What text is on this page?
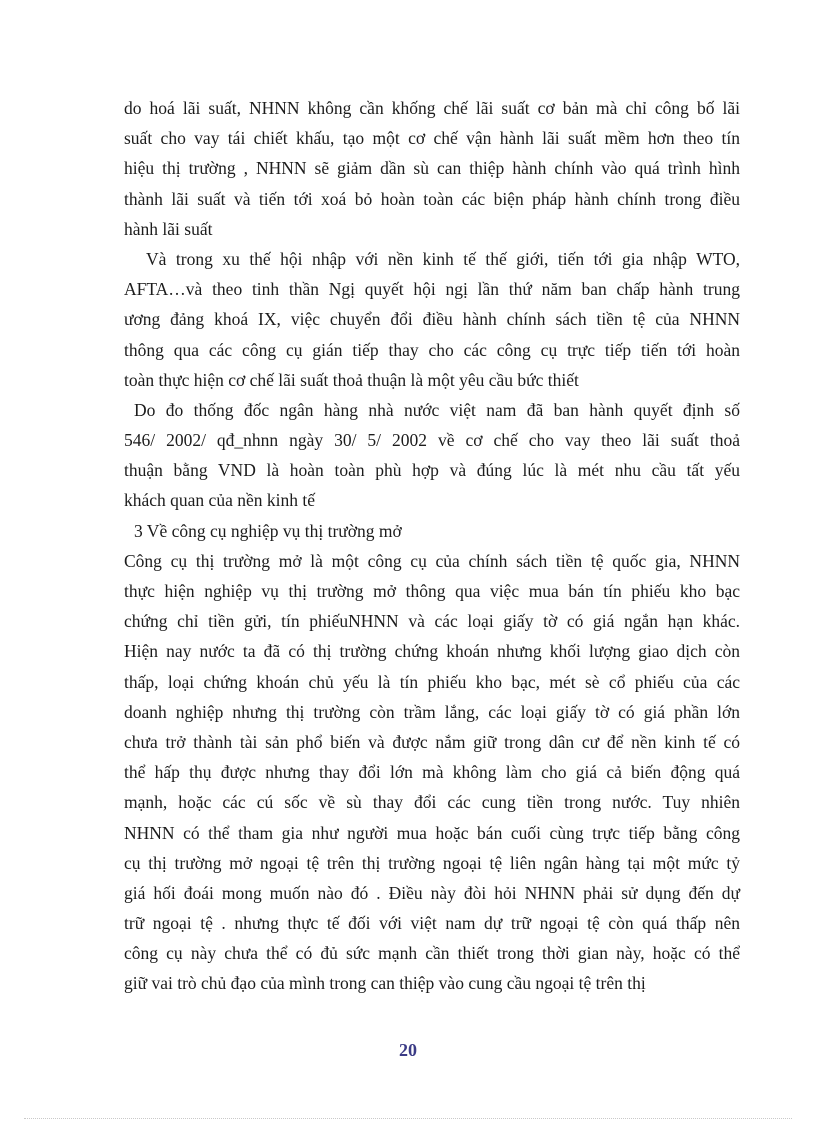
do hoá lãi suất, NHNN không cần khống chế lãi suất cơ bản mà chỉ công bố lãi
suất cho vay tái chiết khấu, tạo một cơ chế vận hành lãi suất mềm hơn theo tín
hiệu thị trường , NHNN sẽ giảm dần sù can thiệp hành chính vào quá trình hình
thành lãi suất và tiến tới xoá bỏ hoàn toàn các biện pháp hành chính trong điều
hành lãi suất
Và trong xu thế hội nhập với nền kinh tế thế giới, tiến tới gia nhập WTO,
AFTA…và theo tinh thần Ngị quyết hội ngị lần thứ năm ban chấp hành trung
ương đảng khoá IX, việc chuyển đổi điều hành chính sách tiền tệ của NHNN
thông qua các công cụ gián tiếp thay cho các công cụ trực tiếp tiến tới hoàn
toàn thực hiện cơ chế lãi suất thoả thuận là một yêu cầu bức thiết
Do đo thống đốc ngân hàng nhà nước việt nam đã ban hành quyết định số
546/ 2002/ qđ_nhnn ngày 30/ 5/ 2002 về cơ chế cho vay theo lãi suất thoả
thuận bằng VND là hoàn toàn phù hợp và đúng lúc là mét nhu cầu tất yếu
khách quan của nền kinh tế
3 Về công cụ nghiệp vụ thị trường mở
Công cụ thị trường mở là một công cụ của chính sách tiền tệ quốc gia, NHNN
thực hiện nghiệp vụ thị trường mở thông qua việc mua bán tín phiếu kho bạc
chứng chỉ tiền gửi, tín phiếuNHNN và các loại giấy tờ có giá ngắn hạn khác.
Hiện nay nước ta đã có thị trường chứng khoán nhưng khối lượng giao dịch còn
thấp, loại chứng khoán chủ yếu là tín phiếu kho bạc, mét sè cổ phiếu của các
doanh nghiệp nhưng thị trường còn trầm lắng, các loại giấy tờ có giá phần lớn
chưa trở thành tài sản phổ biến và được nắm giữ trong dân cư để nền kinh tế có
thể hấp thụ được nhưng thay đổi lớn mà không làm cho giá cả biến động quá
mạnh, hoặc các cú sốc về sù thay đổi các cung tiền trong nước. Tuy nhiên
NHNN có thể tham gia như người mua hoặc bán cuối cùng trực tiếp bằng công
cụ thị trường mở ngoại tệ trên thị trường ngoại tệ liên ngân hàng tại một mức tỷ
giá hối đoái mong muốn nào đó . Điều này đòi hỏi NHNN phải sử dụng đến dự
trữ ngoại tệ . nhưng thực tế đối với việt nam dự trữ ngoại tệ còn quá thấp nên
công cụ này chưa thể có đủ sức mạnh cần thiết trong thời gian này, hoặc có thể
giữ vai trò chủ đạo của mình trong can thiệp vào cung cầu ngoại tệ trên thị
20
